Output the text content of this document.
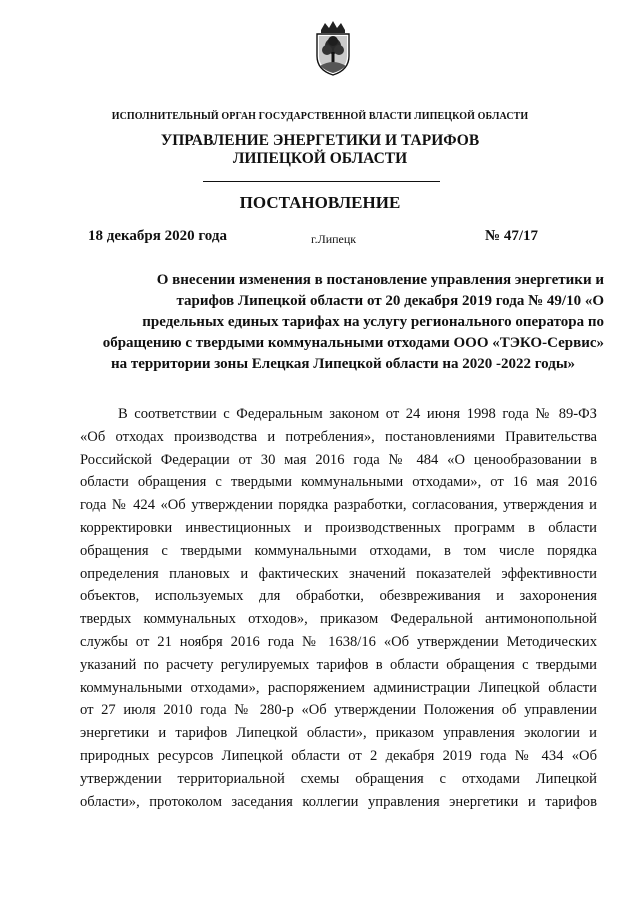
ИСПОЛНИТЕЛЬНЫЙ ОРГАН ГОСУДАРСТВЕННОЙ ВЛАСТИ ЛИПЕЦКОЙ ОБЛАСТИ
УПРАВЛЕНИЕ ЭНЕРГЕТИКИ И ТАРИФОВ
ЛИПЕЦКОЙ ОБЛАСТИ
ПОСТАНОВЛЕНИЕ
18 декабря 2020 года	г.Липецк	№ 47/17
О внесении изменения в постановление управления энергетики и
тарифов Липецкой области от 20 декабря 2019 года № 49/10 «О
предельных единых тарифах на услугу регионального оператора по
обращению с твердыми коммунальными отходами ООО «ТЭКО-Сервис»
на территории зоны Елецкая Липецкой области на 2020 -2022 годы»
В соответствии с Федеральным законом от 24 июня 1998 года № 89-ФЗ
«Об отходах производства и потребления», постановлениями Правительства
Российской Федерации от 30 мая 2016 года № 484 «О ценообразовании в
области обращения с твердыми коммунальными отходами», от 16 мая 2016
года № 424 «Об утверждении порядка разработки, согласования, утверждения и
корректировки инвестиционных и производственных программ в области
обращения с твердыми коммунальными отходами, в том числе порядка
определения плановых и фактических значений показателей эффективности
объектов, используемых для обработки, обезвреживания и захоронения
твердых коммунальных отходов», приказом Федеральной антимонопольной
службы от 21 ноября 2016 года № 1638/16 «Об утверждении Методических
указаний по расчету регулируемых тарифов в области обращения с твердыми
коммунальными отходами», распоряжением администрации Липецкой области
от 27 июля 2010 года № 280-р «Об утверждении Положения об управлении
энергетики и тарифов Липецкой области», приказом управления экологии и
природных ресурсов Липецкой области от 2 декабря 2019 года № 434 «Об
утверждении территориальной схемы обращения с отходами Липецкой
области», протоколом заседания коллегии управления энергетики и тарифов
